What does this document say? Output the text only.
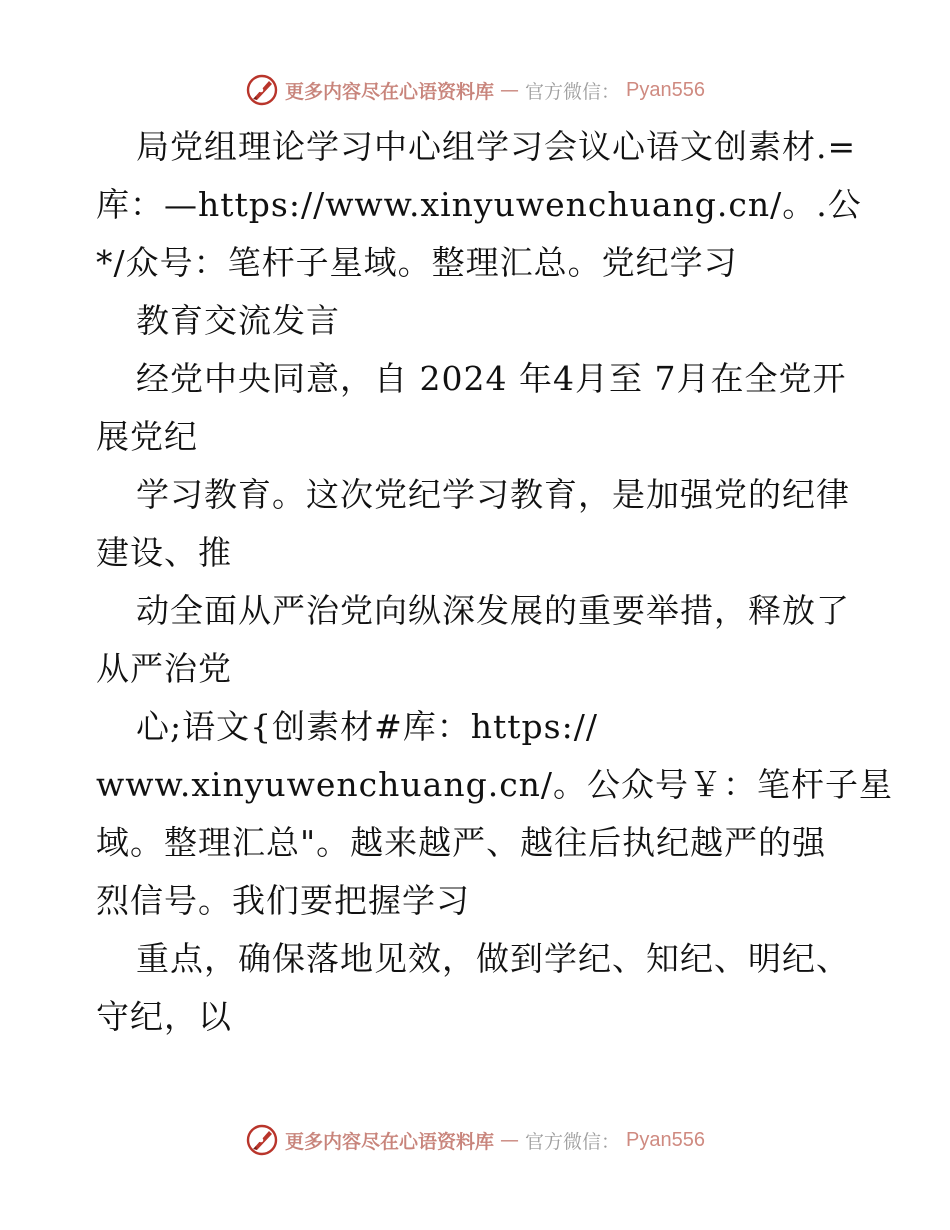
更多内容尽在心语资料库 — 官方微信： Pyan556
局党组理论学习中心组学习会议心语文创素材.=
库：—https://www.xinyuwenchuang.cn/。.公
*/众号：笔杆子星域。整理汇总。党纪学习
教育交流发言
经党中央同意，自 2024 年4月至 7月在全党开
展党纪
学习教育。这次党纪学习教育，是加强党的纪律
建设、推
动全面从严治党向纵深发展的重要举措，释放了
从严治党
心;语文{创素材#库：https://
www.xinyuwenchuang.cn/。公众号￥：笔杆子星
域。整理汇总"。越来越严、越往后执纪越严的强
烈信号。我们要把握学习
重点，确保落地见效，做到学纪、知纪、明纪、
守纪，以
更多内容尽在心语资料库 — 官方微信： Pyan556
